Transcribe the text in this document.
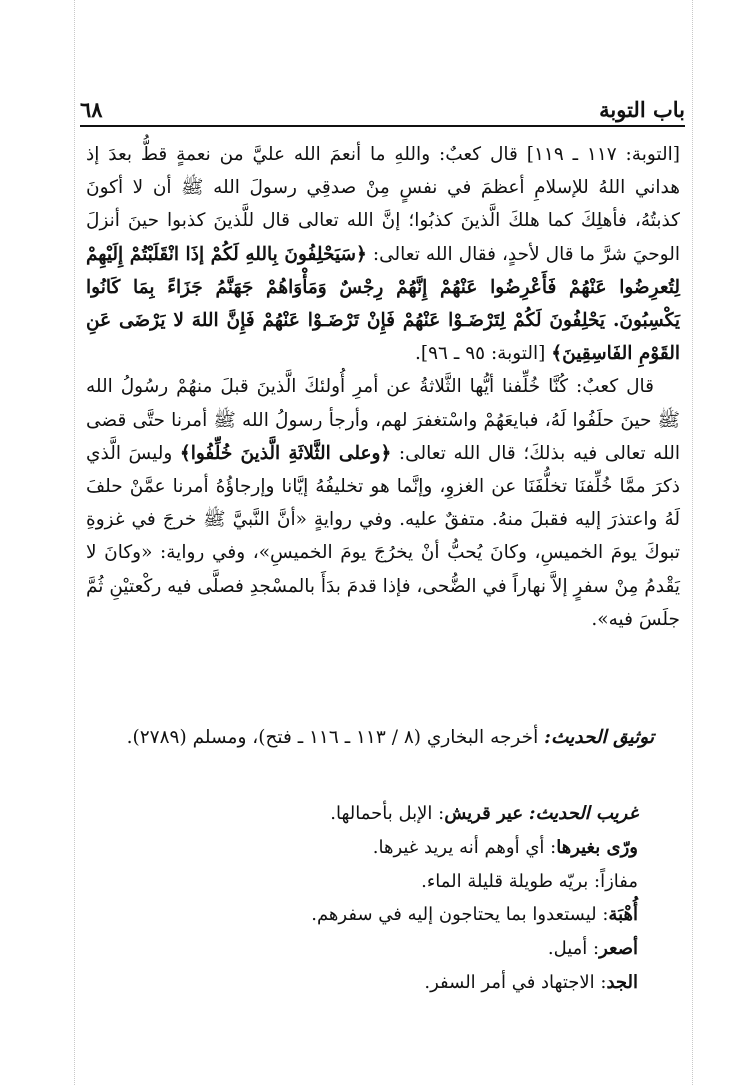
باب التوبة
٦٨

[التوبة: ١١٧ ـ ١١٩] قال كعبٌ: واللهِ ما أنعمَ الله عليَّ من نعمةٍ قطُّ بعدَ إذ هداني اللهُ للإسلامِ أعظمَ في نفسٍ مِنْ صدقِي رسولَ الله ﷺ أن لا أكونَ كذبتُهُ، فأهلِكَ كما هلكَ الَّذينَ كذبُوا؛ إنَّ الله تعالى قال للَّذينَ كذبوا حينَ أنزلَ الوحيَ شرَّ ما قال لأحدٍ، فقال الله تعالى: ﴿سَيَحْلِفُونَ بِاللهِ لَكُمْ إذَا انْقَلَبْتُمْ إِلَيْهِمْ لِتُعرِضُوا عَنْهُمْ فَأَعْرِضُوا عَنْهُمْ إِنَّهُمْ رِجْسٌ وَمَأْوَاهُمْ جَهَنَّمُ جَزَاءً بِمَا كَانُوا يَكْسِبُونَ. يَحْلِفُونَ لَكُمْ لِتَرْضَـوْا عَنْهُمْ فَإِنْ تَرْضَـوْا عَنْهُمْ فَإِنَّ اللهَ لا يَرْضَى عَنِ القَوْمِ الفَاسِقِينَ﴾ [التوبة: ٩٥ ـ ٩٦].

قال كعبٌ: كُنَّا خُلِّفنا أيُّها الثَّلاثةُ عن أمرِ أُولئكَ الَّذينَ قبلَ منهُمْ رسُولُ الله ﷺ حينَ حلَفُوا لَهُ، فبايعَهُمْ واسْتغفرَ لهم، وأرجأ رسولُ الله ﷺ أمرنا حتَّى قضى الله تعالى فيه بذلكَ؛ قال الله تعالى: ﴿وعلى الثَّلاثَةِ الَّذينَ خُلِّفُوا﴾ وليسَ الَّذي ذكرَ ممَّا خُلِّفنَا تخلُّفَنَا عن الغزوِ، وإنَّما هو تخليفُهُ إيَّانا وإرجاؤُهُ أمرنا عمَّنْ حلفَ لَهُ واعتذرَ إليه فقبلَ منهُ. متفقٌ عليه. وفي روايةٍ «أنَّ النَّبيَّ ﷺ خرجَ في غزوةِ تبوكَ يومَ الخميسِ، وكانَ يُحبُّ أنْ يخرُجَ يومَ الخميسِ»، وفي رواية: «وكانَ لا يَقْدمُ مِنْ سفرٍ إلاَّ نهاراً في الضُّحى، فإذا قدمَ بدَأَ بالمسْجدِ فصلَّى فيه ركْعتيْنِ ثُمَّ جلَسَ فيه».

توثيق الحديث: أخرجه البخاري (٨ / ١١٣ ـ ١١٦ ـ فتح)، ومسلم (٢٧٨٩).
غريب الحديث: عير قريش: الإبل بأحمالها.
ورّى بغيرها: أي أوهم أنه يريد غيرها.
مفازاً: بريّه طويلة قليلة الماء.
أُهْبَة: ليستعدوا بما يحتاجون إليه في سفرهم.
أصعر: أميل.
الجد: الاجتهاد في أمر السفر.
